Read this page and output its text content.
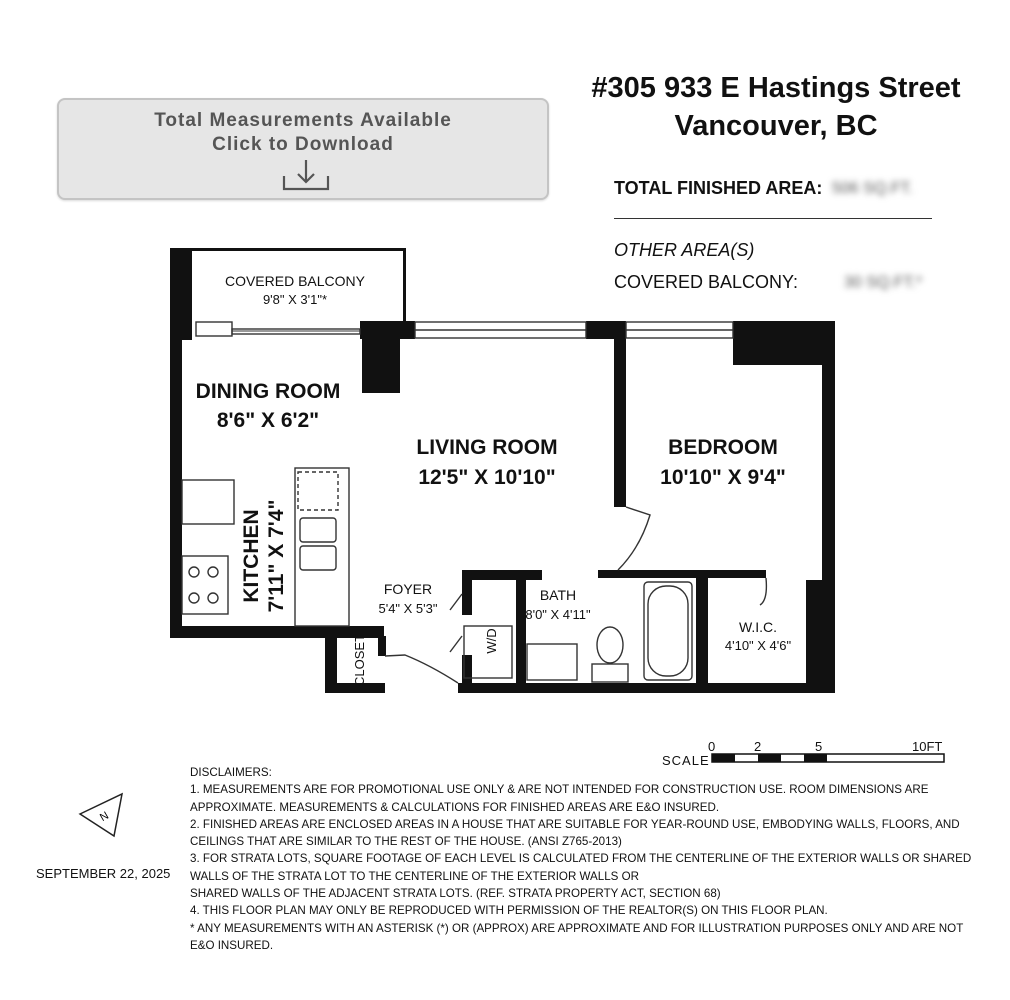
Total Measurements Available
Click to Download
#305 933 E Hastings Street
Vancouver, BC
TOTAL FINISHED AREA: 506 SQ.FT.
OTHER AREA(S)
COVERED BALCONY:	30 SQ.FT.*
COVERED BALCONY
9'8" X 3'1"*
DINING ROOM
8'6" X 6'2"
LIVING ROOM
12'5" X 10'10"
BEDROOM
10'10" X 9'4"
KITCHEN 7'11" X 7'4"	FOYER
5'4" X 5'3"
BATH
8'0" X 4'11"
W.I.C.
4'10" X 4'6"
CLOSET	W/D
SCALE
0	2	5	10FT
N
SEPTEMBER 22, 2025
DISCLAIMERS:
1. MEASUREMENTS ARE FOR PROMOTIONAL USE ONLY & ARE NOT INTENDED FOR CONSTRUCTION USE. ROOM DIMENSIONS ARE
APPROXIMATE. MEASUREMENTS & CALCULATIONS FOR FINISHED AREAS ARE E&O INSURED.
2. FINISHED AREAS ARE ENCLOSED AREAS IN A HOUSE THAT ARE SUITABLE FOR YEAR-ROUND USE, EMBODYING WALLS, FLOORS, AND
CEILINGS THAT ARE SIMILAR TO THE REST OF THE HOUSE. (ANSI Z765-2013)
3. FOR STRATA LOTS, SQUARE FOOTAGE OF EACH LEVEL IS CALCULATED FROM THE CENTERLINE OF THE EXTERIOR WALLS OR SHARED
WALLS OF THE STRATA LOT TO THE CENTERLINE OF THE EXTERIOR WALLS OR
SHARED WALLS OF THE ADJACENT STRATA LOTS. (REF. STRATA PROPERTY ACT, SECTION 68)
4. THIS FLOOR PLAN MAY ONLY BE REPRODUCED WITH PERMISSION OF THE REALTOR(S) ON THIS FLOOR PLAN.
* ANY MEASUREMENTS WITH AN ASTERISK (*) OR (APPROX) ARE APPROXIMATE AND FOR ILLUSTRATION PURPOSES ONLY AND ARE NOT
E&O INSURED.
